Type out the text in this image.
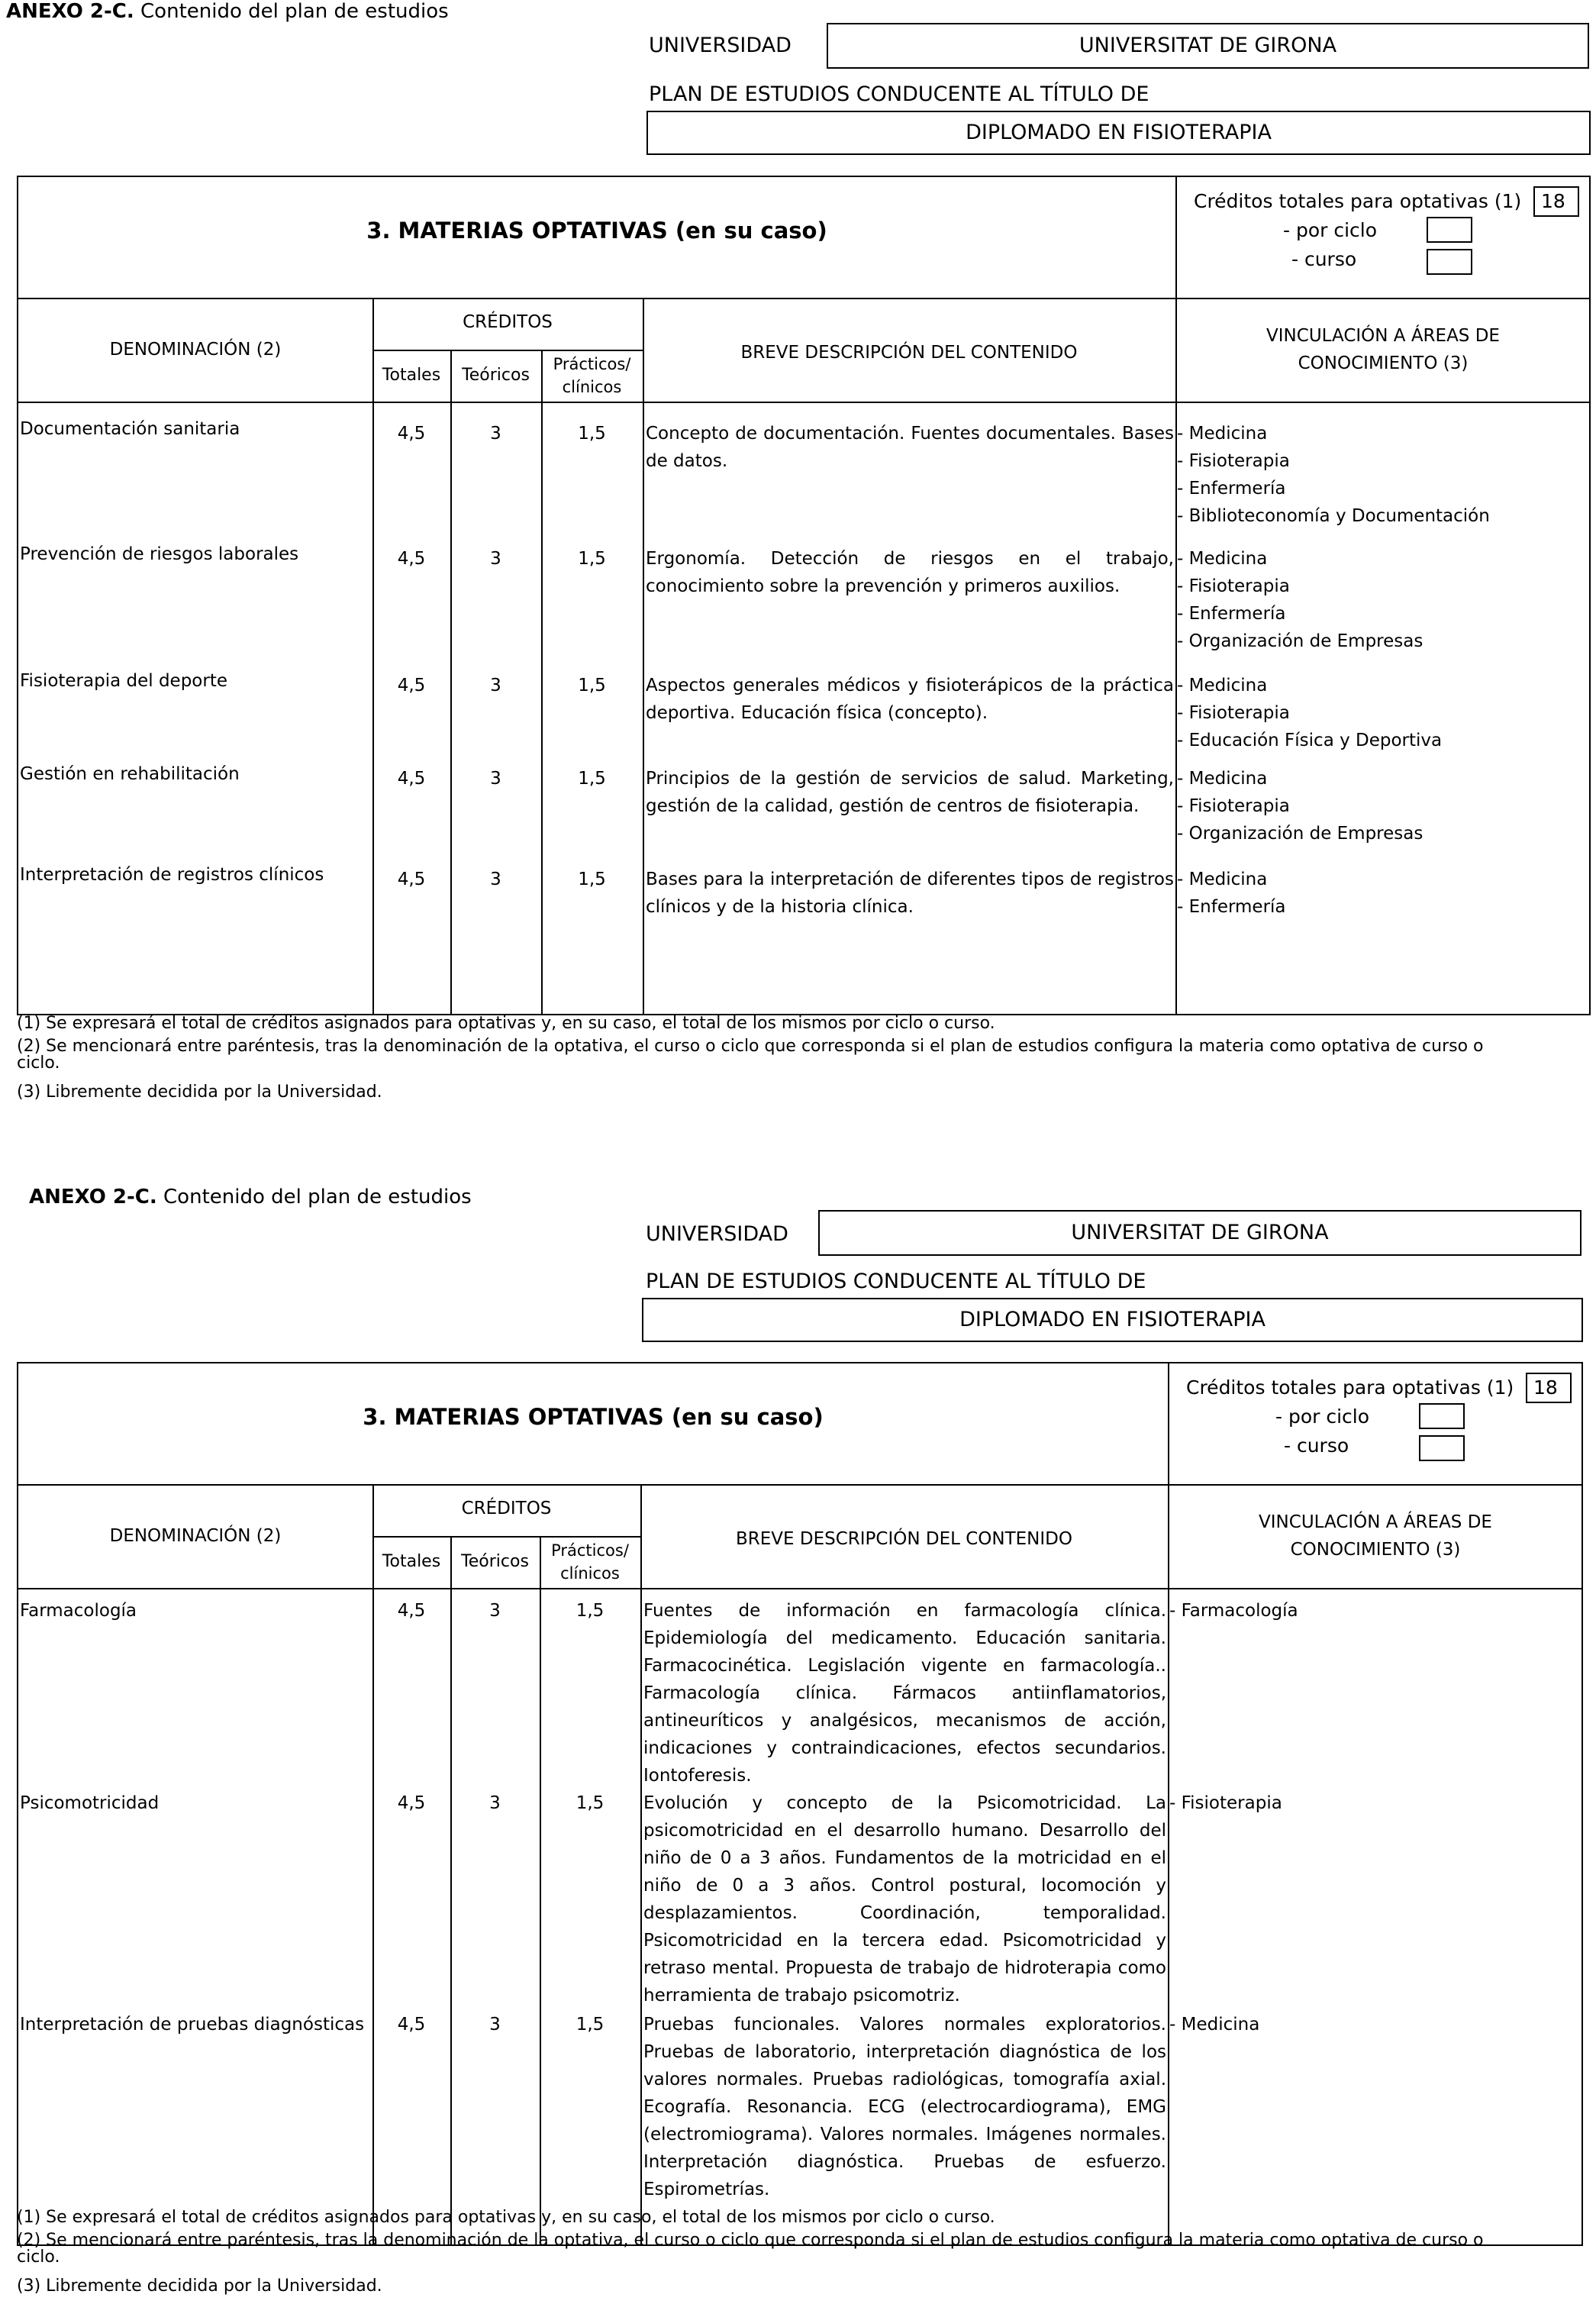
ANEXO 2-C. Contenido del plan de estudios
UNIVERSIDAD	UNIVERSITAT DE GIRONA
PLAN DE ESTUDIOS CONDUCENTE AL TÍTULO DE
DIPLOMADO EN FISIOTERAPIA
3. MATERIAS OPTATIVAS (en su caso)
Créditos totales para optativas (1)	18
- por ciclo
- curso
DENOMINACIÓN (2)
CRÉDITOS
Totales	Teóricos
Prácticos/
clínicos
BREVE DESCRIPCIÓN DEL CONTENIDO
VINCULACIÓN A ÁREAS DE
CONOCIMIENTO (3)
Documentación sanitaria	4,5	3	1,5	Concepto de documentación. Fuentes documentales. Bases de datos.
- Medicina
- Fisioterapia
- Enfermería
- Biblioteconomía y Documentación
Prevención de riesgos laborales	4,5	3	1,5	Ergonomía. Detección de riesgos en el trabajo, conocimiento sobre la prevención y primeros auxilios.
- Medicina
- Fisioterapia
- Enfermería
- Organización de Empresas
Fisioterapia del deporte	4,5	3	1,5	Aspectos generales médicos y fisioterápicos de la práctica deportiva. Educación física (concepto).
- Medicina
- Fisioterapia
- Educación Física y Deportiva
Gestión en rehabilitación	4,5	3	1,5	Principios de la gestión de servicios de salud. Marketing, gestión de la calidad, gestión de centros de fisioterapia.
- Medicina
- Fisioterapia
- Organización de Empresas
Interpretación de registros clínicos	4,5	3	1,5	Bases para la interpretación de diferentes tipos de registros clínicos y de la historia clínica.
- Medicina
- Enfermería
(1) Se expresará el total de créditos asignados para optativas y, en su caso, el total de los mismos por ciclo o curso.
(2) Se mencionará entre paréntesis, tras la denominación de la optativa, el curso o ciclo que corresponda si el plan de estudios configura la materia como optativa de curso o ciclo.
(3) Libremente decidida por la Universidad.
ANEXO 2-C. Contenido del plan de estudios
UNIVERSIDAD	UNIVERSITAT DE GIRONA
PLAN DE ESTUDIOS CONDUCENTE AL TÍTULO DE
DIPLOMADO EN FISIOTERAPIA
3. MATERIAS OPTATIVAS (en su caso)
Créditos totales para optativas (1)	18
- por ciclo
- curso
DENOMINACIÓN (2)
CRÉDITOS
Totales	Teóricos
Prácticos/
clínicos
BREVE DESCRIPCIÓN DEL CONTENIDO
VINCULACIÓN A ÁREAS DE
CONOCIMIENTO (3)
Farmacología	4,5	3	1,5	Fuentes de información en farmacología clínica. Epidemiología del medicamento. Educación sanitaria. Farmacocinética. Legislación vigente en farmacología.. Farmacología clínica. Fármacos antiinflamatorios, antineuríticos y analgésicos, mecanismos de acción, indicaciones y contraindicaciones, efectos secundarios. Iontoferesis.
- Farmacología
Psicomotricidad	4,5	3	1,5	Evolución y concepto de la Psicomotricidad. La psicomotricidad en el desarrollo humano. Desarrollo del niño de 0 a 3 años. Fundamentos de la motricidad en el niño de 0 a 3 años. Control postural, locomoción y desplazamientos. Coordinación, temporalidad. Psicomotricidad en la tercera edad. Psicomotricidad y retraso mental. Propuesta de trabajo de hidroterapia como herramienta de trabajo psicomotriz.
- Fisioterapia
Interpretación de pruebas diagnósticas	4,5	3	1,5	Pruebas funcionales. Valores normales exploratorios. Pruebas de laboratorio, interpretación diagnóstica de los valores normales. Pruebas radiológicas, tomografía axial. Ecografía. Resonancia. ECG (electrocardiograma), EMG (electromiograma). Valores normales. Imágenes normales. Interpretación diagnóstica. Pruebas de esfuerzo. Espirometrías.
- Medicina
(1) Se expresará el total de créditos asignados para optativas y, en su caso, el total de los mismos por ciclo o curso.
(2) Se mencionará entre paréntesis, tras la denominación de la optativa, el curso o ciclo que corresponda si el plan de estudios configura la materia como optativa de curso o ciclo.
(3) Libremente decidida por la Universidad.
